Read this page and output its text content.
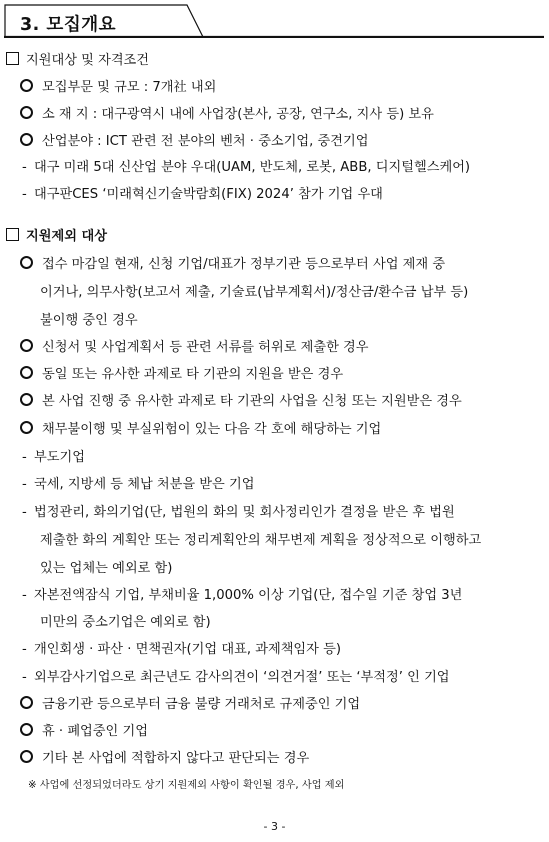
3. 모집개요
지원대상 및 자격조건
모집부문 및 규모 : 7개社 내외
소 재 지 : 대구광역시 내에 사업장(본사, 공장, 연구소, 지사 등) 보유
산업분야 : ICT 관련 전 분야의 벤처 · 중소기업, 중견기업
- 대구 미래 5대 신산업 분야 우대(UAM, 반도체, 로봇, ABB, 디지털헬스케어)
- 대구판CES ‘미래혁신기술박람회(FIX) 2024’ 참가 기업 우대
지원제외 대상
접수 마감일 현재, 신청 기업/대표가 정부기관 등으로부터 사업 제재 중
이거나, 의무사항(보고서 제출, 기술료(납부계획서)/정산금/환수금 납부 등)
불이행 중인 경우
신청서 및 사업계획서 등 관련 서류를 허위로 제출한 경우
동일 또는 유사한 과제로 타 기관의 지원을 받은 경우
본 사업 진행 중 유사한 과제로 타 기관의 사업을 신청 또는 지원받은 경우
채무불이행 및 부실위험이 있는 다음 각 호에 해당하는 기업
- 부도기업
- 국세, 지방세 등 체납 처분을 받은 기업
- 법정관리, 화의기업(단, 법원의 화의 및 회사정리인가 결정을 받은 후 법원
제출한 화의 계획안 또는 정리계획안의 채무변제 계획을 정상적으로 이행하고
있는 업체는 예외로 함)
- 자본전액잠식 기업, 부채비율 1,000% 이상 기업(단, 접수일 기준 창업 3년
미만의 중소기업은 예외로 함)
- 개인회생 · 파산 · 면책권자(기업 대표, 과제책임자 등)
- 외부감사기업으로 최근년도 감사의견이 ‘의견거절’ 또는 ‘부적정’ 인 기업
금융기관 등으로부터 금융 불량 거래처로 규제중인 기업
휴 · 폐업중인 기업
기타 본 사업에 적합하지 않다고 판단되는 경우
※ 사업에 선정되었더라도 상기 지원제외 사항이 확인될 경우, 사업 제외
- 3 -
